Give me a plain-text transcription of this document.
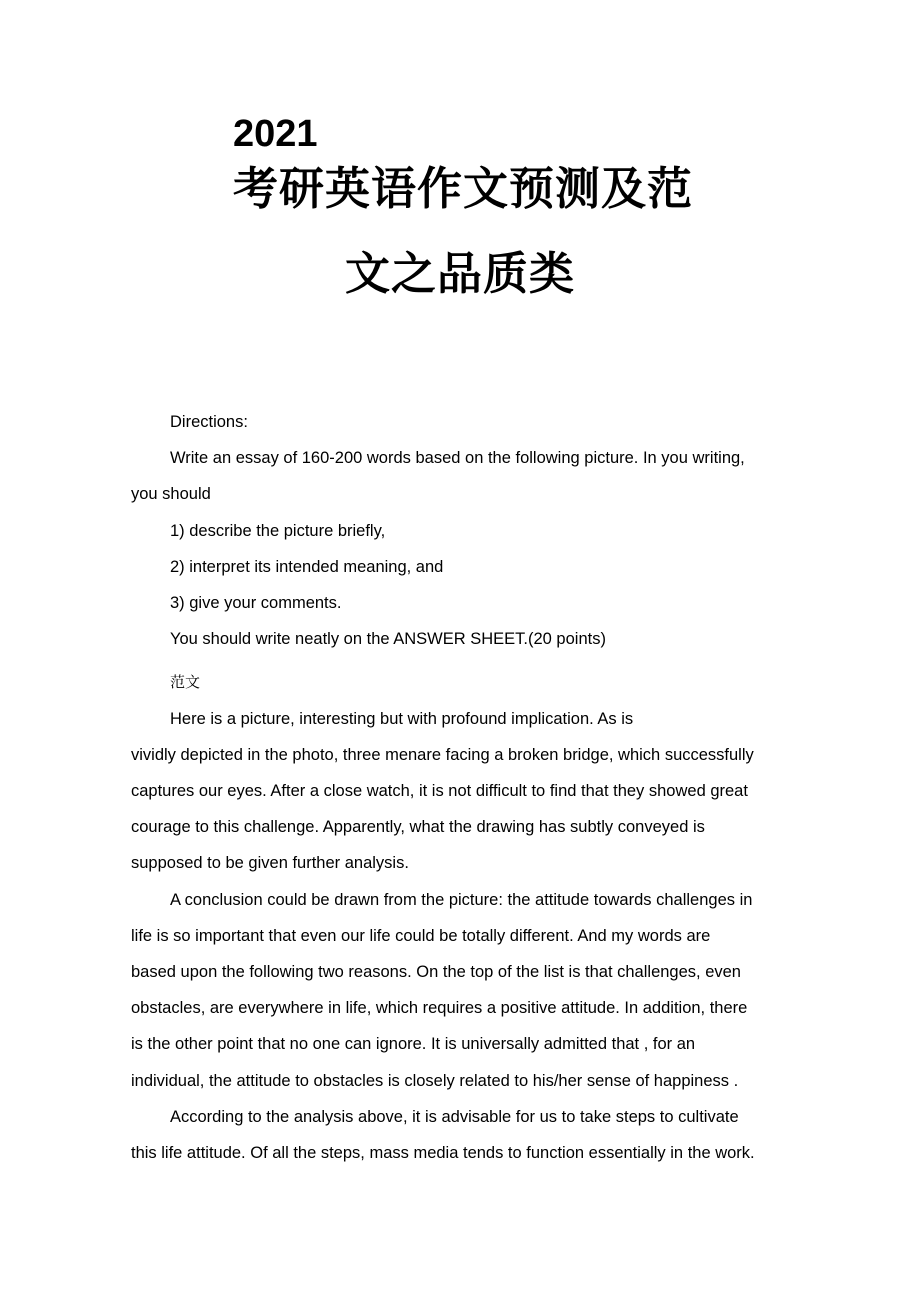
2021
考研英语作文预测及范
文之品质类

Directions:

Write an essay of 160-200 words based on the following picture. In you writing,

you should

1) describe the picture briefly,

2) interpret its intended meaning, and

3) give your comments.

You should write neatly on the ANSWER SHEET.(20 points)

范文

Here is a picture, interesting but with profound implication. As is

vividly depicted in the photo, three menare facing a broken bridge, which successfully

captures our eyes. After a close watch, it is not difficult to find that they showed great

courage to this challenge. Apparently, what the drawing has subtly conveyed is

supposed to be given further analysis.

A conclusion could be drawn from the picture: the attitude towards challenges in

life is so important that even our life could be totally different. And my words are

based upon the following two reasons. On the top of the list is that challenges, even

obstacles, are everywhere in life, which requires a positive attitude. In addition, there

is the other point that no one can ignore. It is universally admitted that , for an

individual, the attitude to obstacles is closely related to his/her sense of happiness .

According to the analysis above, it is advisable for us to take steps to cultivate

this life attitude. Of all the steps, mass media tends to function essentially in the work.
